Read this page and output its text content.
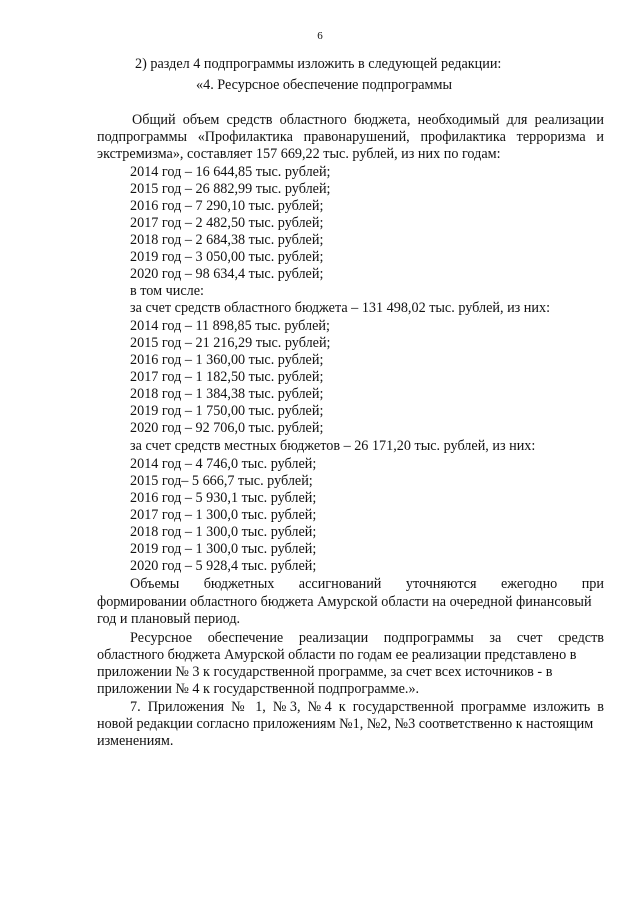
6
2) раздел 4 подпрограммы изложить в следующей редакции:
«4. Ресурсное обеспечение подпрограммы
Общий объем средств областного бюджета, необходимый для реализации
подпрограммы «Профилактика правонарушений, профилактика терроризма и
экстремизма», составляет 157 669,22 тыс. рублей, из них по годам:
2014 год – 16 644,85 тыс. рублей;
2015 год – 26 882,99 тыс. рублей;
2016 год – 7 290,10 тыс. рублей;
2017 год – 2 482,50 тыс. рублей;
2018 год – 2 684,38 тыс. рублей;
2019 год – 3 050,00 тыс. рублей;
2020 год – 98 634,4 тыс. рублей;
в том числе:
за счет средств областного бюджета – 131 498,02 тыс. рублей, из них:
2014 год – 11 898,85 тыс. рублей;
2015 год – 21 216,29 тыс. рублей;
2016 год – 1 360,00 тыс. рублей;
2017 год – 1 182,50 тыс. рублей;
2018 год – 1 384,38 тыс. рублей;
2019 год – 1 750,00 тыс. рублей;
2020 год – 92 706,0 тыс. рублей;
за счет средств местных бюджетов – 26 171,20 тыс. рублей, из них:
2014 год – 4 746,0 тыс. рублей;
2015 год– 5 666,7 тыс. рублей;
2016 год – 5 930,1 тыс. рублей;
2017 год – 1 300,0 тыс. рублей;
2018 год – 1 300,0 тыс. рублей;
2019 год – 1 300,0 тыс. рублей;
2020 год – 5 928,4 тыс. рублей;
Объемы бюджетных ассигнований уточняются ежегодно при
формировании областного бюджета Амурской области на очередной финансовый
год и плановый период.
Ресурсное обеспечение реализации подпрограммы за счет средств
областного бюджета Амурской области по годам ее реализации представлено в
приложении № 3 к государственной программе, за счет всех источников - в
приложении № 4 к государственной подпрограмме.».
7. Приложения № 1, №3, №4 к государственной программе изложить в
новой редакции согласно приложениям №1, №2, №3 соответственно к настоящим
изменениям.
